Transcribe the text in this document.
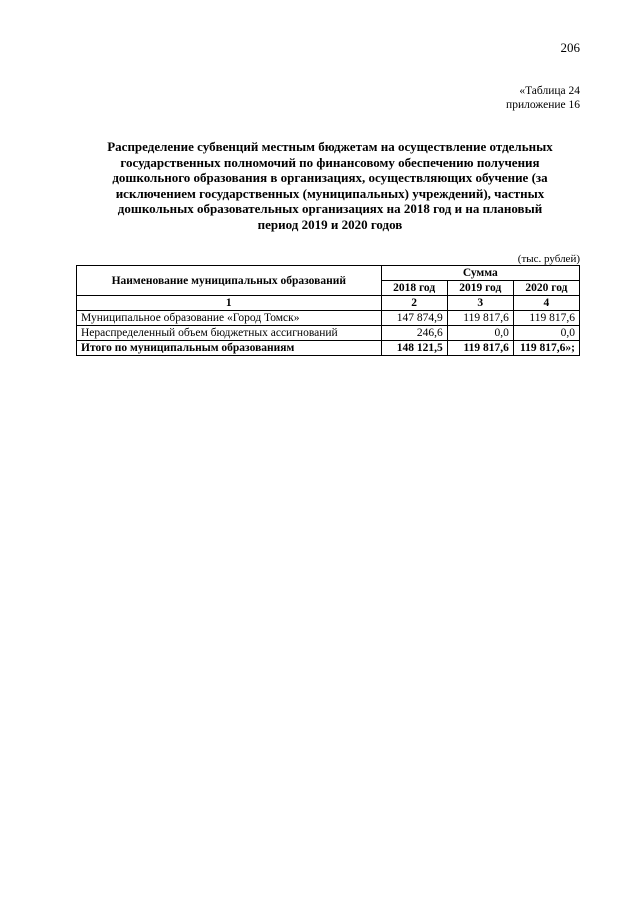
206
«Таблица 24
приложение 16
Распределение субвенций местным бюджетам на осуществление отдельных
государственных полномочий по финансовому обеспечению получения
дошкольного образования в организациях, осуществляющих обучение (за
исключением государственных (муниципальных) учреждений), частных
дошкольных образовательных организациях на 2018 год и на плановый
период 2019 и 2020 годов
(тыс. рублей)
Наименование муниципальных образований	Сумма		
	2018 год	2019 год	2020 год
1	2	3	4
Муниципальное образование «Город Томск»	147 874,9	119 817,6	119 817,6
Нераспределенный объем бюджетных ассигнований	246,6	0,0	0,0
Итого по муниципальным образованиям	148 121,5	119 817,6	119 817,6»;
